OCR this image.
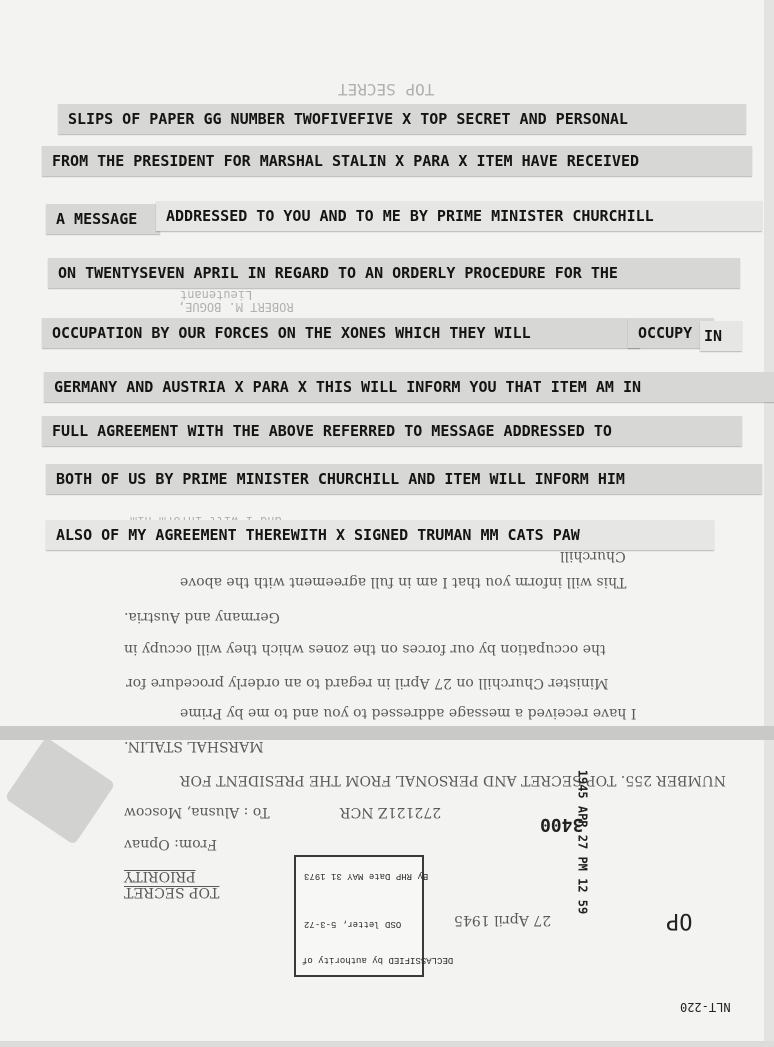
TOP SECRET
ROBERT M. BOGUE,
Lieutenant
SLIPS OF PAPER GG NUMBER TWOFIVEFIVE X TOP SECRET AND PERSONAL
FROM THE PRESIDENT FOR MARSHAL STALIN X PARA X ITEM HAVE RECEIVED
A MESSAGE	ADDRESSED TO YOU AND TO ME BY PRIME MINISTER CHURCHILL
ON TWENTYSEVEN APRIL IN REGARD TO AN ORDERLY PROCEDURE FOR THE
OCCUPATION BY OUR FORCES ON THE XONES WHICH THEY WILL	OCCUPY IN
GERMANY AND AUSTRIA X PARA X THIS WILL INFORM YOU THAT ITEM AM IN
FULL AGREEMENT WITH THE ABOVE REFERRED TO MESSAGE ADDRESSED TO
BOTH OF US BY PRIME MINISTER CHURCHILL AND ITEM WILL INFORM HIM
ALSO OF MY AGREEMENT THEREWITH X SIGNED TRUMAN MM CATS PAW
Churchill
This will inform you that I am in full agreement with the above
Germany and Austria.
the occupation by our forces on the zones which they will occupy in
Minister Churchill on 27 April in regard to an orderly procedure for
I have received a message addressed to you and to me by Prime
MARSHAL STALIN.
NUMBER 255. TOP SECRET AND PERSONAL FROM THE PRESIDENT FOR
To : Alusna, Moscow	272121Z NCR
From: Opnav
PRIORITY
TOP SECRET
27 April 1945
By RHP Date MAY 31 1973
OSD letter, 5-3-72
DECLASSIFIED by authority of
3400
1945 APR 27 PM 12 59
OP
NLT-220
